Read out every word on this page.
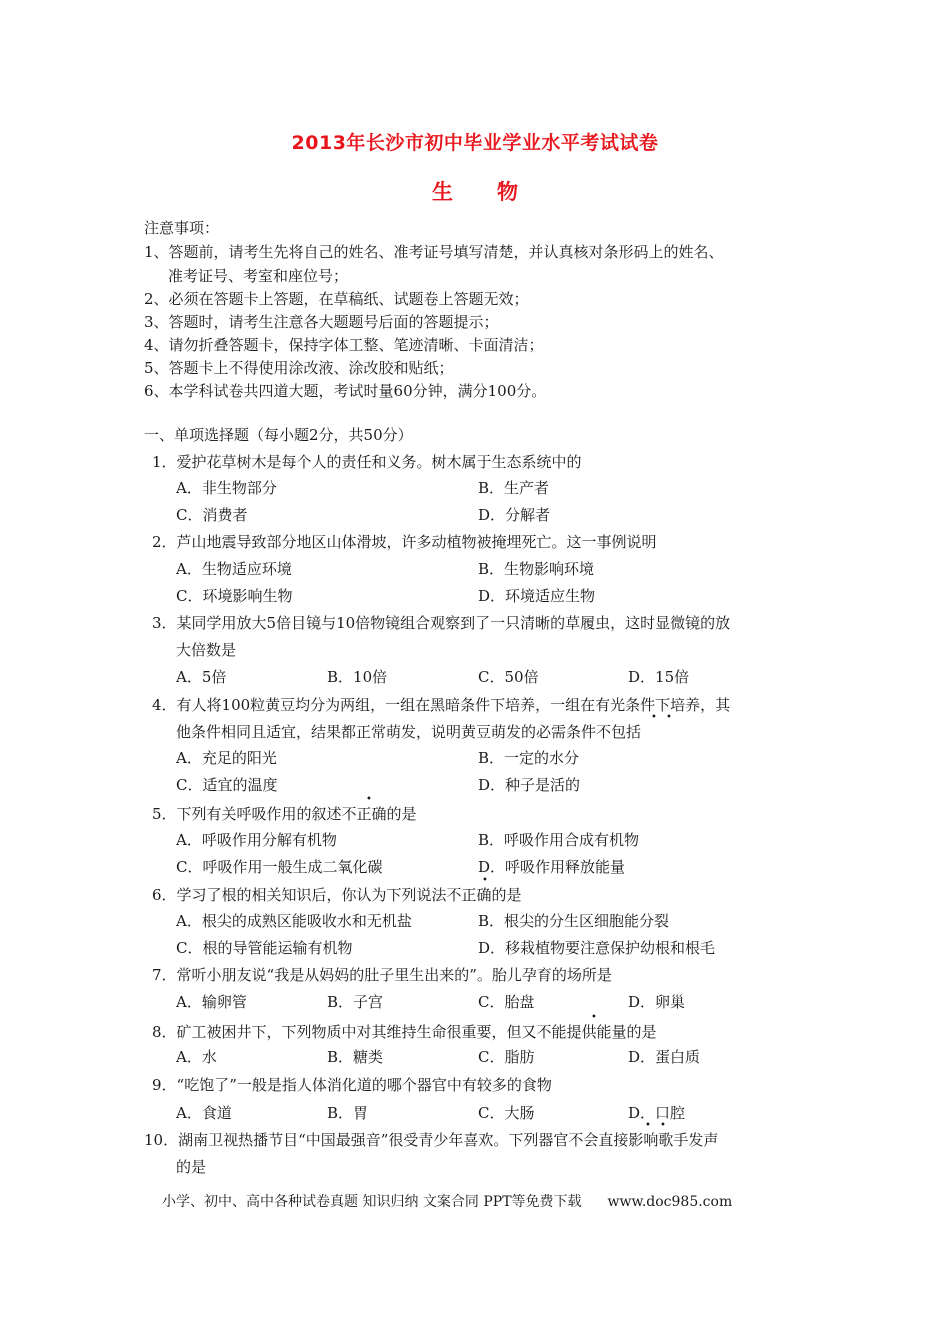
2013年长沙市初中毕业学业水平考试试卷
生物
注意事项：
1、答题前，请考生先将自己的姓名、准考证号填写清楚，并认真核对条形码上的姓名、
准考证号、考室和座位号；
2、必须在答题卡上答题，在草稿纸、试题卷上答题无效；
3、答题时，请考生注意各大题题号后面的答题提示；
4、请勿折叠答题卡，保持字体工整、笔迹清晰、卡面清洁；
5、答题卡上不得使用涂改液、涂改胶和贴纸；
6、本学科试卷共四道大题，考试时量60分钟，满分100分。
一、单项选择题（每小题2分，共50分）
1．爱护花草树木是每个人的责任和义务。树木属于生态系统中的
A．非生物部分	B．生产者
C．消费者	D．分解者
2．芦山地震导致部分地区山体滑坡，许多动植物被掩埋死亡。这一事例说明
A．生物适应环境	B．生物影响环境
C．环境影响生物	D．环境适应生物
3．某同学用放大5倍目镜与10倍物镜组合观察到了一只清晰的草履虫，这时显微镜的放
大倍数是
A．5倍	B．10倍	C．50倍	D．15倍
4．有人将100粒黄豆均分为两组，一组在黑暗条件下培养，一组在有光条件下培养，其
他条件相同且适宜，结果都正常萌发，说明黄豆萌发的必需条件不包括
• •
A．充足的阳光	B．一定的水分
C．适宜的温度	D．种子是活的
5．下列有关呼吸作用的叙述不正确的是
•
A．呼吸作用分解有机物	B．呼吸作用合成有机物
C．呼吸作用一般生成二氧化碳	D．呼吸作用释放能量
6．学习了根的相关知识后，你认为下列说法不正确的是
•
A．根尖的成熟区能吸收水和无机盐	B．根尖的分生区细胞能分裂
C．根的导管能运输有机物	D．移栽植物要注意保护幼根和根毛
7．常听小朋友说“我是从妈妈的肚子里生出来的”。胎儿孕育的场所是
A．输卵管	B．子宫	C．胎盘	D．卵巢
8．矿工被困井下，下列物质中对其维持生命很重要，但又不能提供能量的是
•
A．水	B．糖类	C．脂肪	D．蛋白质
9．“吃饱了”一般是指人体消化道的哪个器官中有较多的食物
A．食道	B．胃	C．大肠	D．口腔
10．湖南卫视热播节目“中国最强音”很受青少年喜欢。下列器官不会直接影响歌手发声
• •
的是
小学、初中、高中各种试卷真题 知识归纳 文案合同 PPT等免费下载 www.doc985.com
